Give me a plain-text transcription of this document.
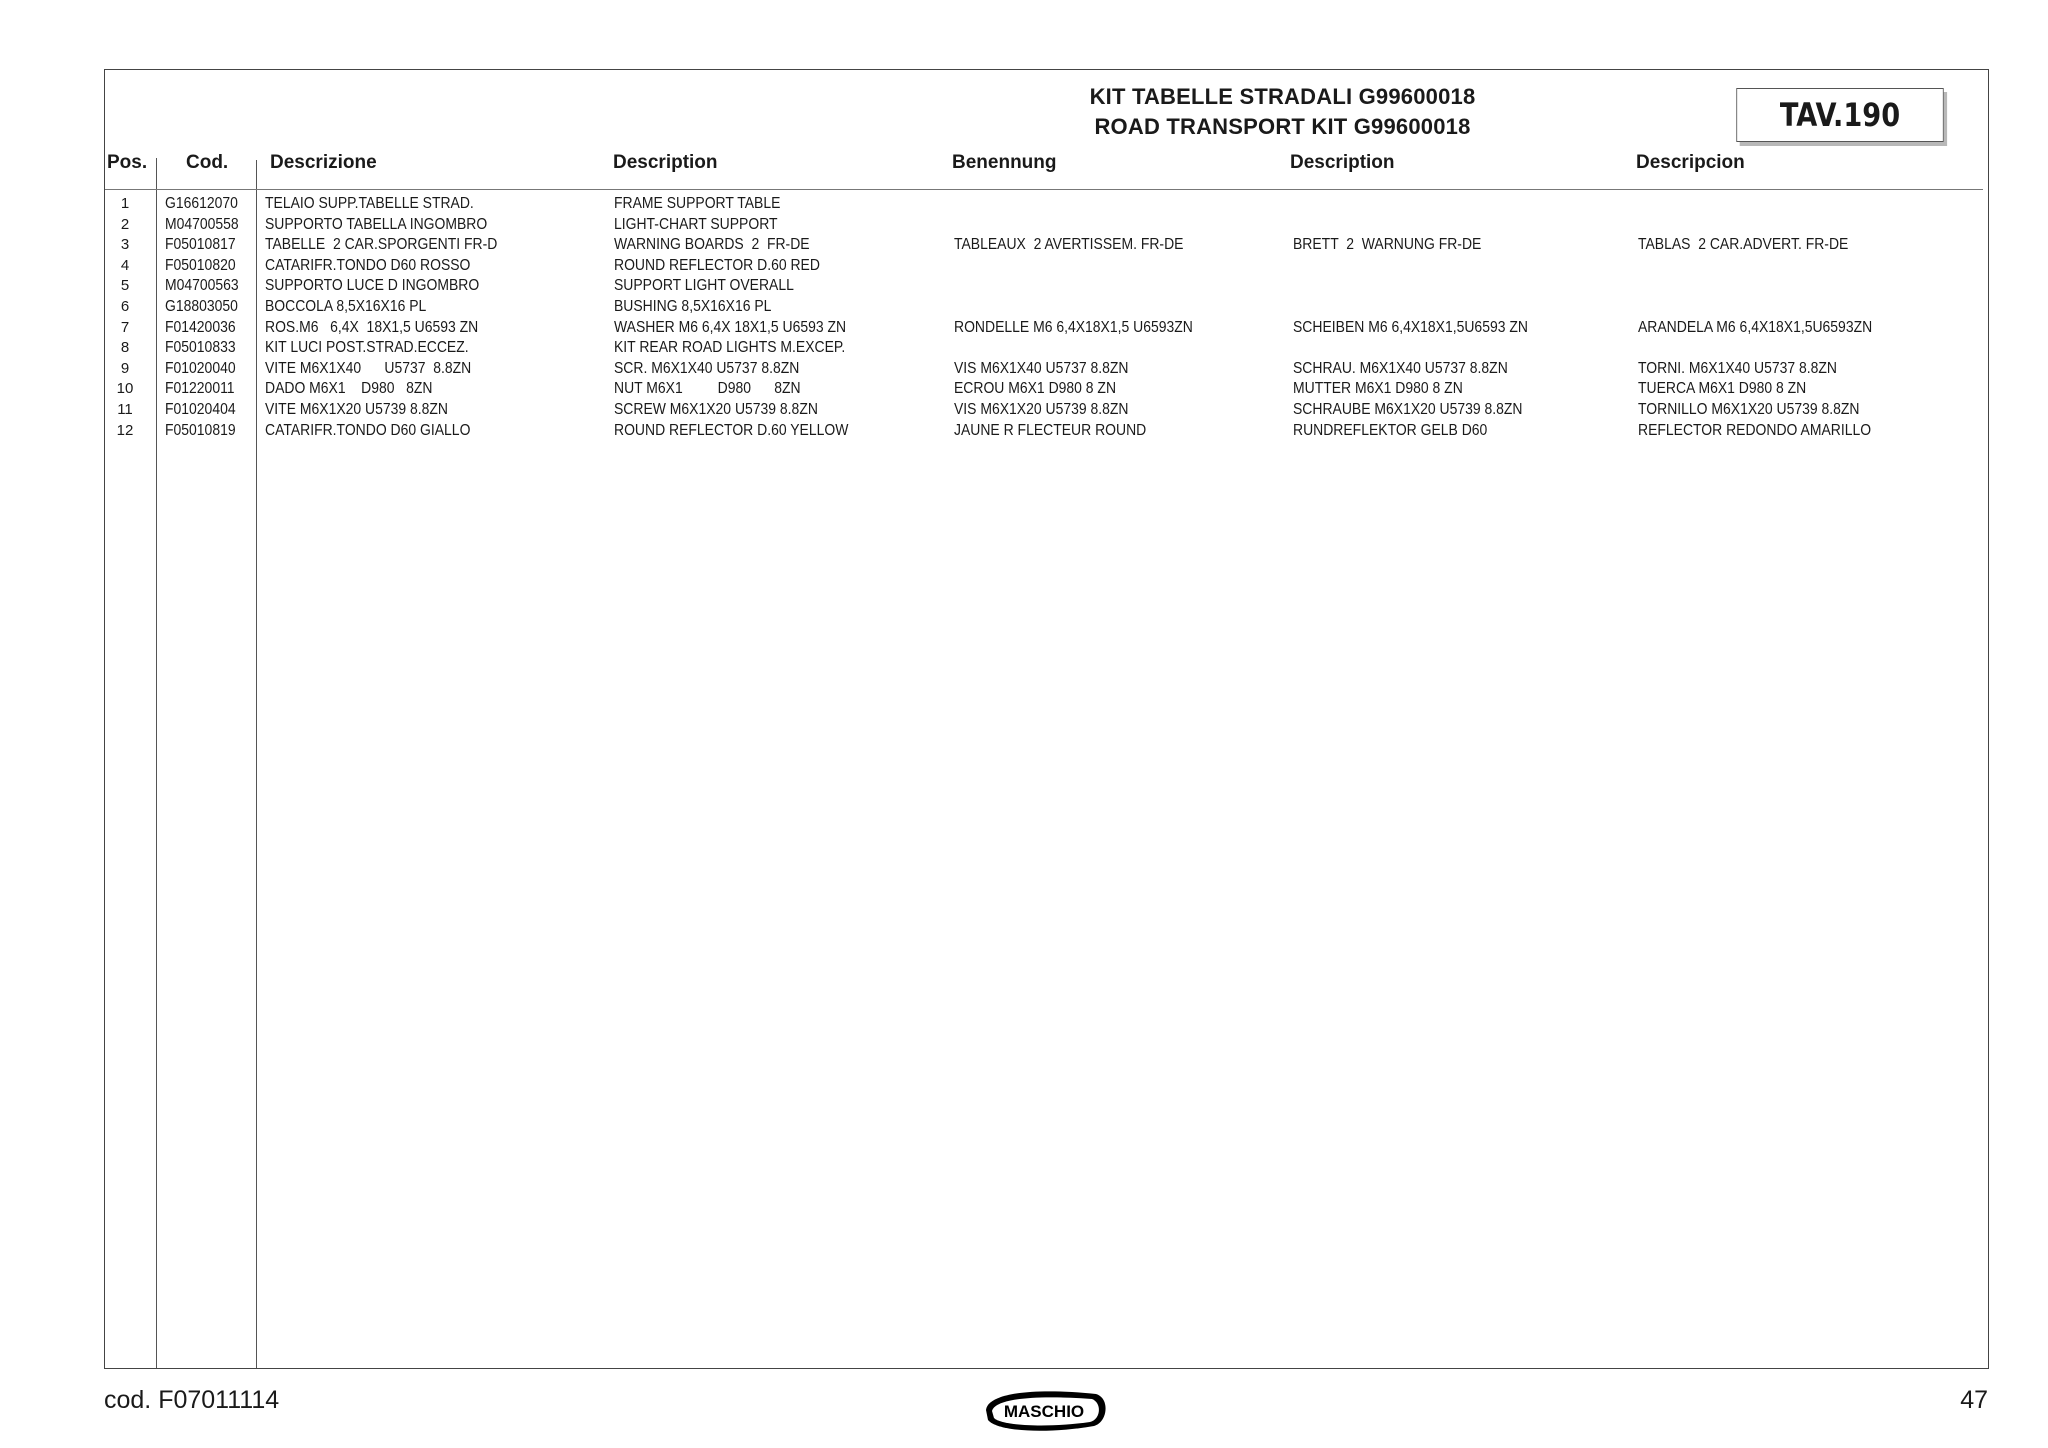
KIT TABELLE STRADALI G99600018
ROAD TRANSPORT KIT G99600018	TAV.190
Pos. Cod. Descrizione	Description	Benennung	Description	Descripcion
1	G16612070 TELAIO SUPP.TABELLE STRAD.	FRAME SUPPORT TABLE
2	M04700558 SUPPORTO TABELLA INGOMBRO	LIGHT-CHART SUPPORT
3	F05010817 TABELLE  2 CAR.SPORGENTI FR-D	WARNING BOARDS  2  FR-DE	TABLEAUX  2 AVERTISSEM. FR-DE	BRETT  2  WARNUNG FR-DE	TABLAS  2 CAR.ADVERT. FR-DE
4	F05010820 CATARIFR.TONDO D60 ROSSO	ROUND REFLECTOR D.60 RED
5	M04700563 SUPPORTO LUCE D INGOMBRO	SUPPORT LIGHT OVERALL
6	G18803050 BOCCOLA 8,5X16X16 PL	BUSHING 8,5X16X16 PL
7	F01420036 ROS.M6   6,4X  18X1,5 U6593 ZN	WASHER M6 6,4X 18X1,5 U6593 ZN	RONDELLE M6 6,4X18X1,5 U6593ZN	SCHEIBEN M6 6,4X18X1,5U6593 ZN	ARANDELA M6 6,4X18X1,5U6593ZN
8	F05010833 KIT LUCI POST.STRAD.ECCEZ.	KIT REAR ROAD LIGHTS M.EXCEP.
9	F01020040 VITE M6X1X40      U5737  8.8ZN	SCR. M6X1X40 U5737 8.8ZN	VIS M6X1X40 U5737 8.8ZN	SCHRAU. M6X1X40 U5737 8.8ZN	TORNI. M6X1X40 U5737 8.8ZN
10	F01220011 DADO M6X1    D980   8ZN	NUT M6X1         D980      8ZN	ECROU M6X1 D980 8 ZN	MUTTER M6X1 D980 8 ZN	TUERCA M6X1 D980 8 ZN
11	F01020404 VITE M6X1X20 U5739 8.8ZN	SCREW M6X1X20 U5739 8.8ZN	VIS M6X1X20 U5739 8.8ZN	SCHRAUBE M6X1X20 U5739 8.8ZN	TORNILLO M6X1X20 U5739 8.8ZN
12	F05010819 CATARIFR.TONDO D60 GIALLO	ROUND REFLECTOR D.60 YELLOW	JAUNE R FLECTEUR ROUND	RUNDREFLEKTOR GELB D60	REFLECTOR REDONDO AMARILLO
cod. F07011114	47
MASCHIO
